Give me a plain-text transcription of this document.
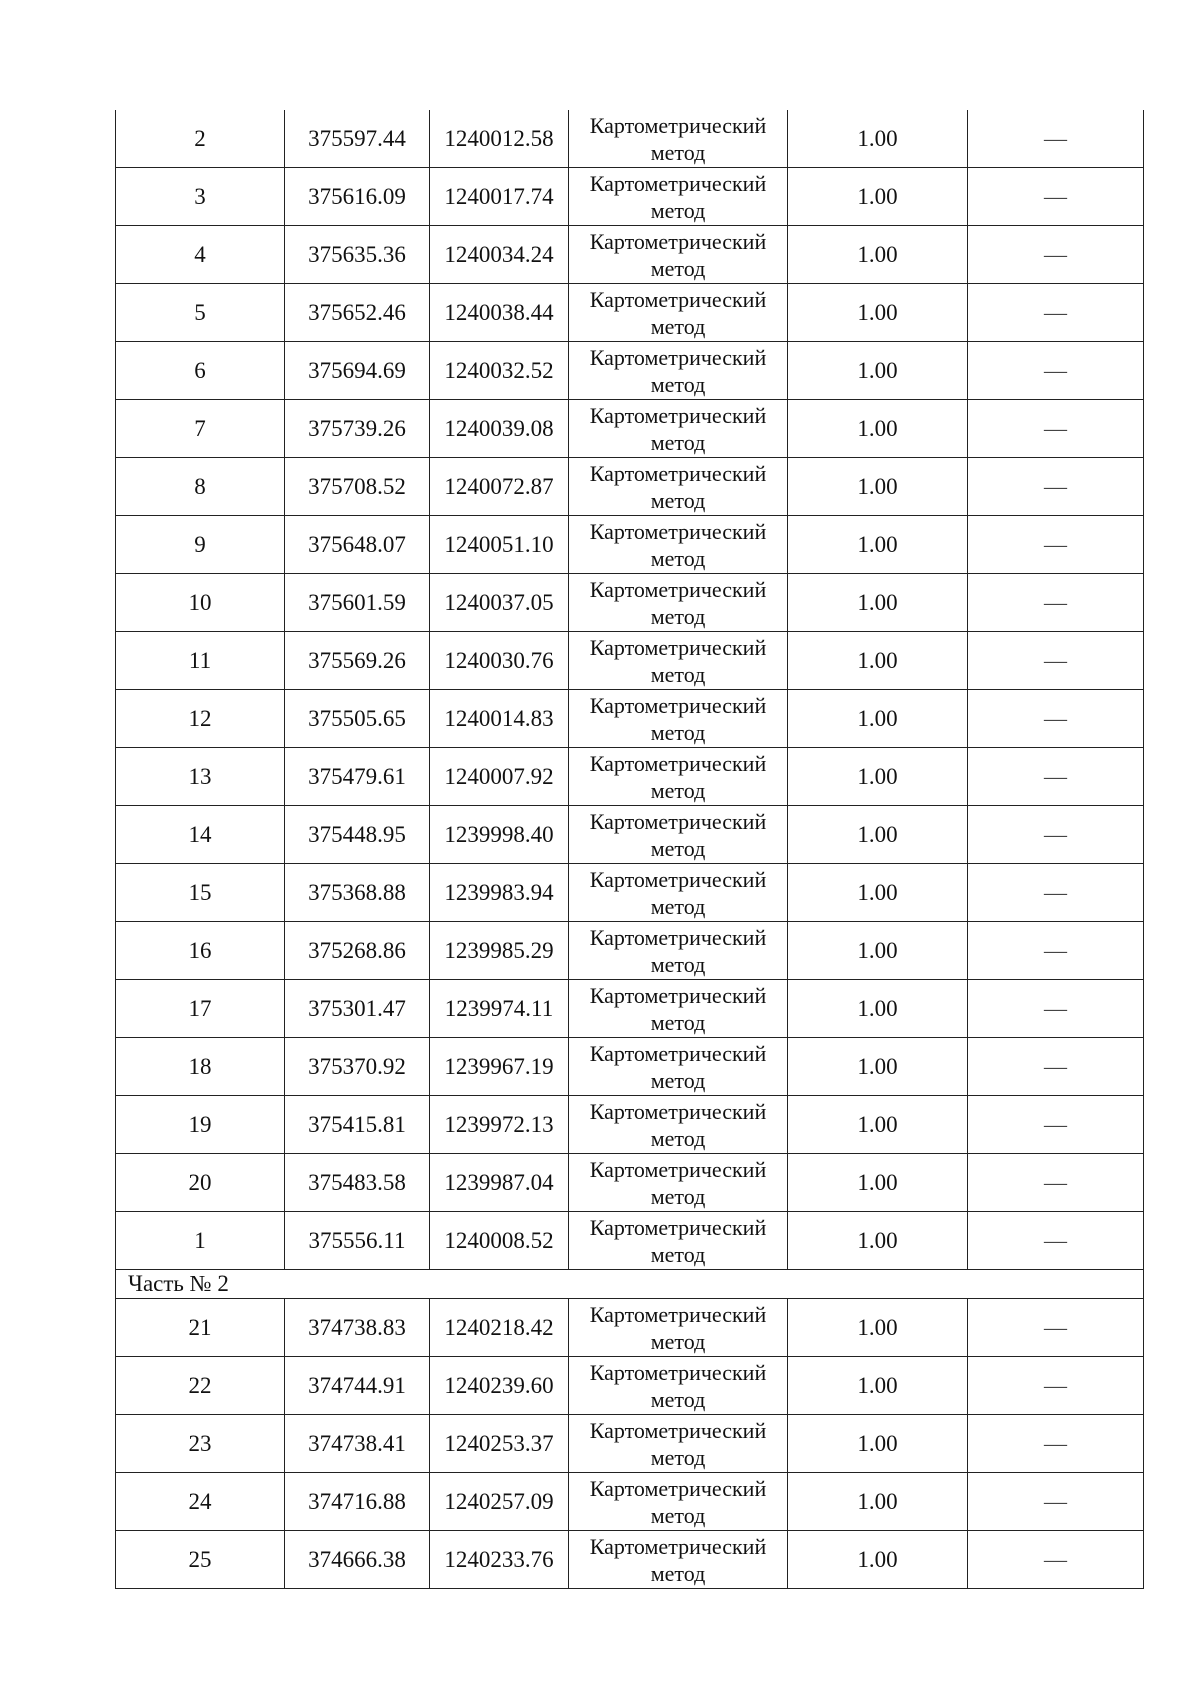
2	375597.44	1240012.58	Картометрический метод	1.00	—
3	375616.09	1240017.74	Картометрический метод	1.00	—
4	375635.36	1240034.24	Картометрический метод	1.00	—
5	375652.46	1240038.44	Картометрический метод	1.00	—
6	375694.69	1240032.52	Картометрический метод	1.00	—
7	375739.26	1240039.08	Картометрический метод	1.00	—
8	375708.52	1240072.87	Картометрический метод	1.00	—
9	375648.07	1240051.10	Картометрический метод	1.00	—
10	375601.59	1240037.05	Картометрический метод	1.00	—
11	375569.26	1240030.76	Картометрический метод	1.00	—
12	375505.65	1240014.83	Картометрический метод	1.00	—
13	375479.61	1240007.92	Картометрический метод	1.00	—
14	375448.95	1239998.40	Картометрический метод	1.00	—
15	375368.88	1239983.94	Картометрический метод	1.00	—
16	375268.86	1239985.29	Картометрический метод	1.00	—
17	375301.47	1239974.11	Картометрический метод	1.00	—
18	375370.92	1239967.19	Картометрический метод	1.00	—
19	375415.81	1239972.13	Картометрический метод	1.00	—
20	375483.58	1239987.04	Картометрический метод	1.00	—
1	375556.11	1240008.52	Картометрический метод	1.00	—
Часть № 2					
21	374738.83	1240218.42	Картометрический метод	1.00	—
22	374744.91	1240239.60	Картометрический метод	1.00	—
23	374738.41	1240253.37	Картометрический метод	1.00	—
24	374716.88	1240257.09	Картометрический метод	1.00	—
25	374666.38	1240233.76	Картометрический метод	1.00	—
